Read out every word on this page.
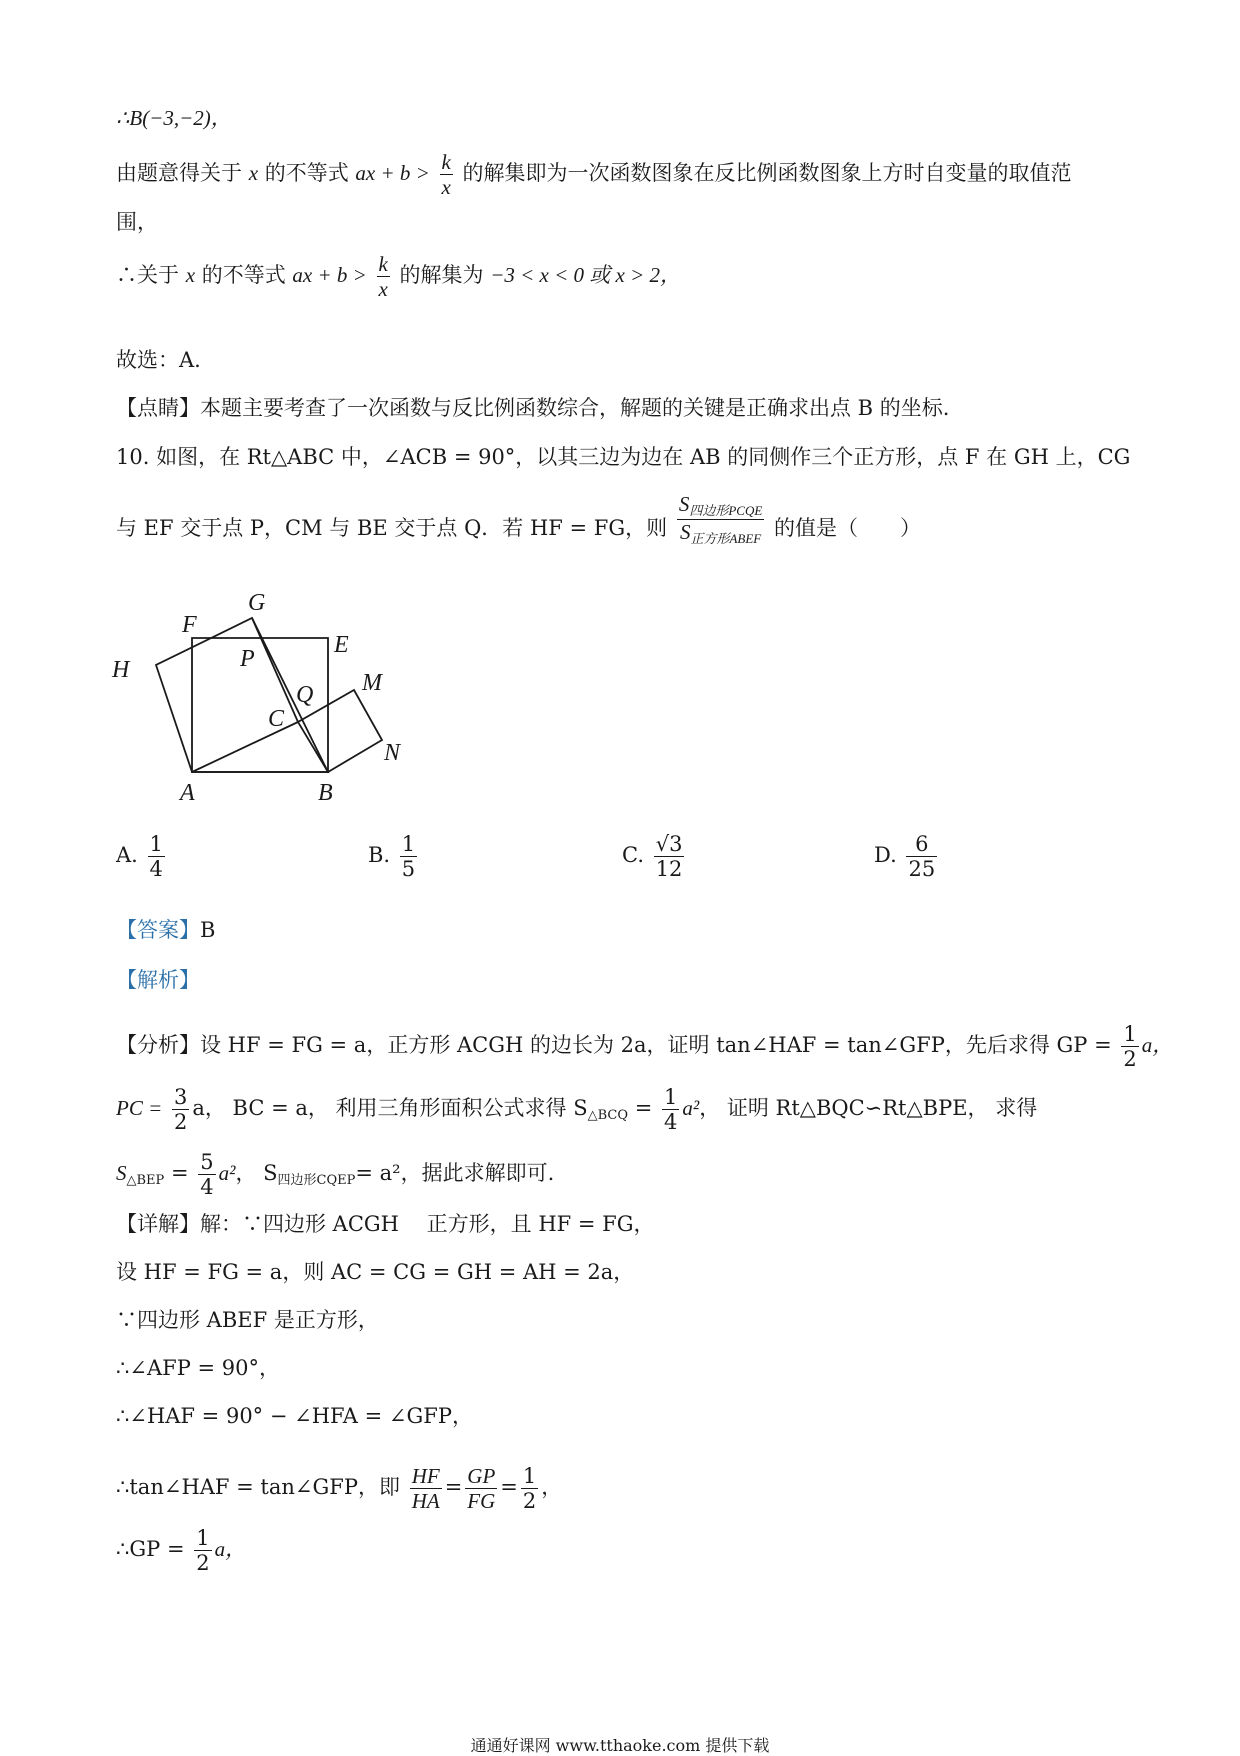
∴B(−3,−2)，
由题意得关于 x 的不等式 ax + $b > \frac{k}{x}$ 的解集即为一次函数图象在反比例函数图象上方时自变量的取值范
围，
∴关于 x 的不等式 ax + $b > \frac{k}{x}$ 的解集为 −3 < x < 0 或 x > 2，
故选：A.
【点睛】本题主要考查了一次函数与反比例函数综合，解题的关键是正确求出点 B 的坐标.
10. 如图，在 Rt△ABC 中，∠ACB = 90°，以其三边为边在 AB 的同侧作三个正方形，点 F 在 GH 上，CG
与 EF 交于点 P，CM 与 BE 交于点 Q．若 HF = FG，则 $\frac{S_{四边形PCQE}}{S_{正方形ABEF}}$ 的值是（　　）
H
F
G
P
E
M
Q
C
N
A	B
A. $\frac{1}{4}$	B. $\frac{1}{5}$	C. $\frac{√3}{12}$	D. $\frac{6}{25}$
【答案】B
【解析】
【分析】设 HF = FG = a，正方形 ACGH 的边长为 2a，证明 tan∠HAF = tan∠GFP，先后求得 GP = $\frac{1}{2}$ a，
PC = $\frac{3}{2}$ a， BC = a， 利用三角形面积公式求得 $S_{\triangle BCQ} = \frac{1}{4} a^2$， 证明 Rt△BQC∽Rt△BPE， 求得
$S_{\triangle BEP} = \frac{5}{4} a^2$， $S_{四边形CQEP}= a^2$，据此求解即可.
【详解】解：∵四边形 ACGH　 正方形，且 HF = FG，
设 HF = FG = a，则 AC = CG = GH = AH = 2a，
∵四边形 ABEF 是正方形，
∴∠AFP = 90°，
∴∠HAF = 90° − ∠HFA = ∠GFP，
∴tan∠HAF = tan∠GFP，即 $\frac{HF}{HA} = \frac{GP}{FG} = \frac{1}{2}$ ，
∴GP = $\frac{1}{2}$ a，
通通好课网 www.tthaoke.com 提供下载
